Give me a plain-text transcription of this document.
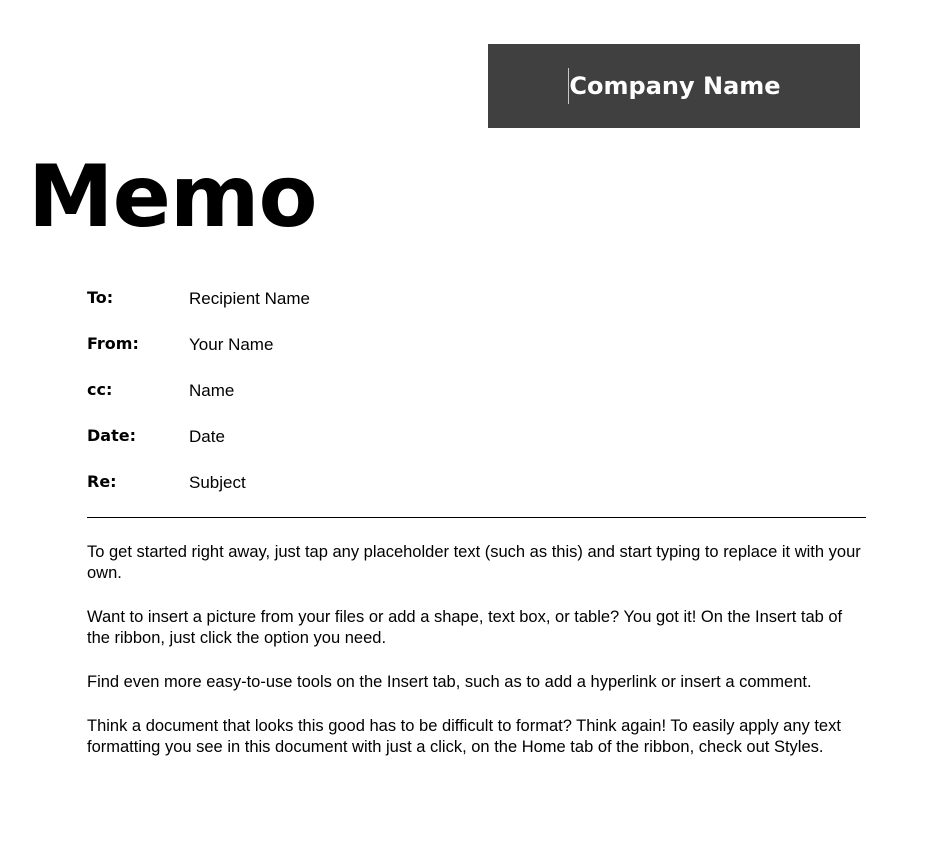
Company Name
Memo
To:	Recipient Name
From:	Your Name
cc:	Name
Date:	Date
Re:	Subject

To get started right away, just tap any placeholder text (such as this) and start typing to replace it with your own.

Want to insert a picture from your files or add a shape, text box, or table? You got it! On the Insert tab of the ribbon, just click the option you need.

Find even more easy-to-use tools on the Insert tab, such as to add a hyperlink or insert a comment.

Think a document that looks this good has to be difficult to format? Think again! To easily apply any text formatting you see in this document with just a click, on the Home tab of the ribbon, check out Styles.
